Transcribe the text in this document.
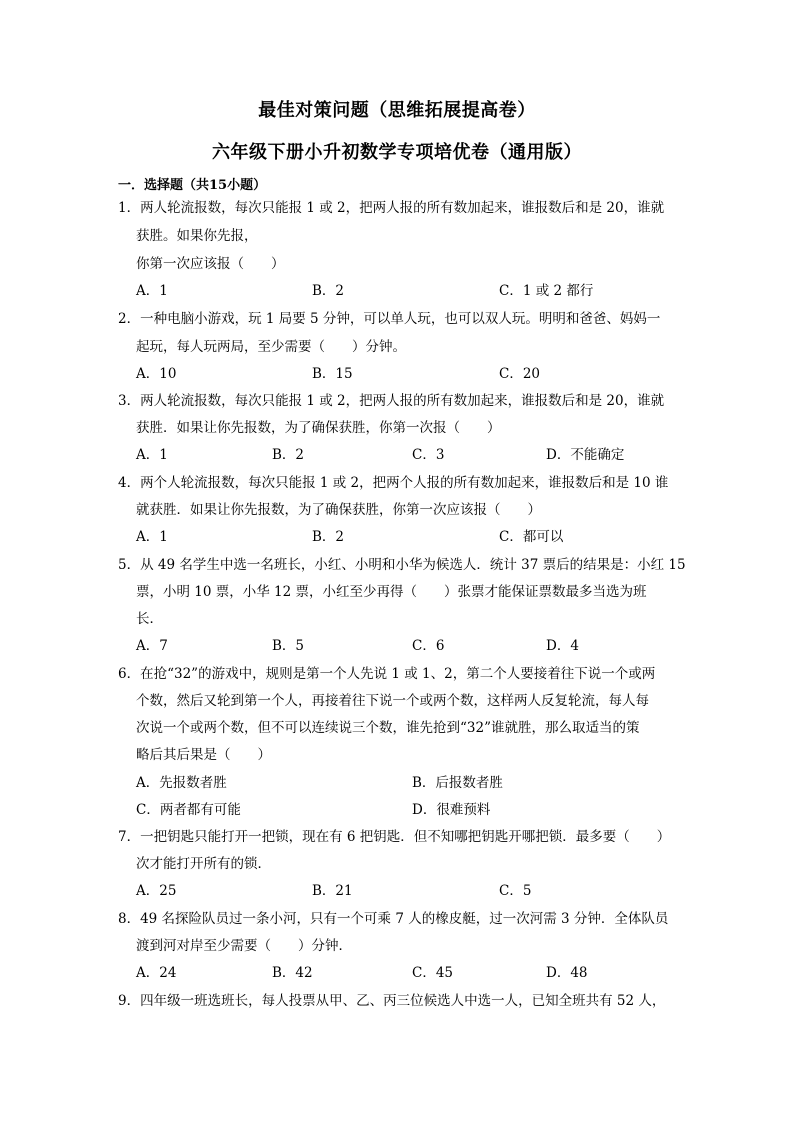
最佳对策问题（思维拓展提高卷）
六年级下册小升初数学专项培优卷（通用版）
一．选择题（共15小题）
1．两人轮流报数，每次只能报 1 或 2，把两人报的所有数加起来，谁报数后和是 20，谁就
获胜。如果你先报，
你第一次应该报（　　）
A．1	B．2	C．1 或 2 都行
2．一种电脑小游戏，玩 1 局要 5 分钟，可以单人玩，也可以双人玩。明明和爸爸、妈妈一
起玩，每人玩两局，至少需要（　　）分钟。
A．10	B．15	C．20
3．两人轮流报数，每次只能报 1 或 2，把两人报的所有数加起来，谁报数后和是 20，谁就
获胜．如果让你先报数，为了确保获胜，你第一次报（　　）
A．1	B．2	C．3	D．不能确定
4．两个人轮流报数，每次只能报 1 或 2，把两个人报的所有数加起来，谁报数后和是 10 谁
就获胜．如果让你先报数，为了确保获胜，你第一次应该报（　　）
A．1	B．2	C．都可以
5．从 49 名学生中选一名班长，小红、小明和小华为候选人．统计 37 票后的结果是：小红 15
票，小明 10 票，小华 12 票，小红至少再得（　　）张票才能保证票数最多当选为班
长．
A．7	B．5	C．6	D．4
6．在抢“32”的游戏中，规则是第一个人先说 1 或 1、2，第二个人要接着往下说一个或两
个数，然后又轮到第一个人，再接着往下说一个或两个数，这样两人反复轮流，每人每
次说一个或两个数，但不可以连续说三个数，谁先抢到“32”谁就胜，那么取适当的策
略后其后果是（　　）
A．先报数者胜	B．后报数者胜
C．两者都有可能	D．很难预料
7．一把钥匙只能打开一把锁，现在有 6 把钥匙．但不知哪把钥匙开哪把锁．最多要（　　）
次才能打开所有的锁．
A．25	B．21	C．5
8．49 名探险队员过一条小河，只有一个可乘 7 人的橡皮艇，过一次河需 3 分钟．全体队员
渡到河对岸至少需要（　　）分钟．
A．24	B．42	C．45	D．48
9．四年级一班选班长，每人投票从甲、乙、丙三位候选人中选一人，已知全班共有 52 人，
